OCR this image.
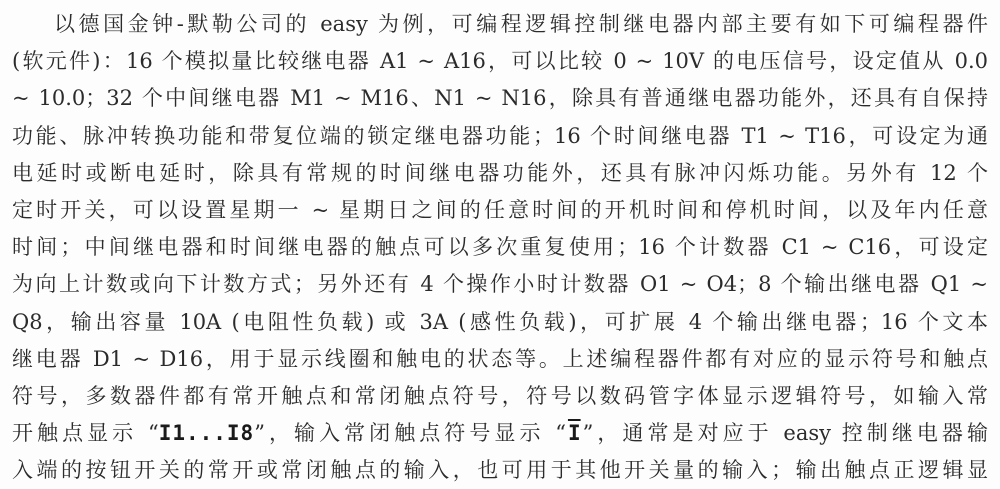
以德国金钟-默勒公司的 easy 为例，可编程逻辑控制继电器内部主要有如下可编程器件
(软元件)：16 个模拟量比较继电器 A1 ~ A16，可以比较 0 ~ 10V 的电压信号，设定值从 0.0
~ 10.0；32 个中间继电器 M1 ~ M16、N1 ~ N16，除具有普通继电器功能外，还具有自保持
功能、脉冲转换功能和带复位端的锁定继电器功能；16 个时间继电器 T1 ~ T16，可设定为通
电延时或断电延时，除具有常规的时间继电器功能外，还具有脉冲闪烁功能。另外有 12 个
定时开关，可以设置星期一 ~ 星期日之间的任意时间的开机时间和停机时间，以及年内任意
时间；中间继电器和时间继电器的触点可以多次重复使用；16 个计数器 C1 ~ C16，可设定
为向上计数或向下计数方式；另外还有 4 个操作小时计数器 O1 ~ O4；8 个输出继电器 Q1 ~
Q8，输出容量 10A (电阻性负载) 或 3A (感性负载)，可扩展 4 个输出继电器；16 个文本
继电器 D1 ~ D16，用于显示线圈和触电的状态等。上述编程器件都有对应的显示符号和触点
符号，多数器件都有常开触点和常闭触点符号，符号以数码管字体显示逻辑符号，如输入常
开触点显示 “I1...I8”，输入常闭触点符号显示 “$\overline{I}$”，通常是对应于 easy 控制继电器输
入端的按钮开关的常开或常闭触点的输入，也可用于其他开关量的输入；输出触点正逻辑显
